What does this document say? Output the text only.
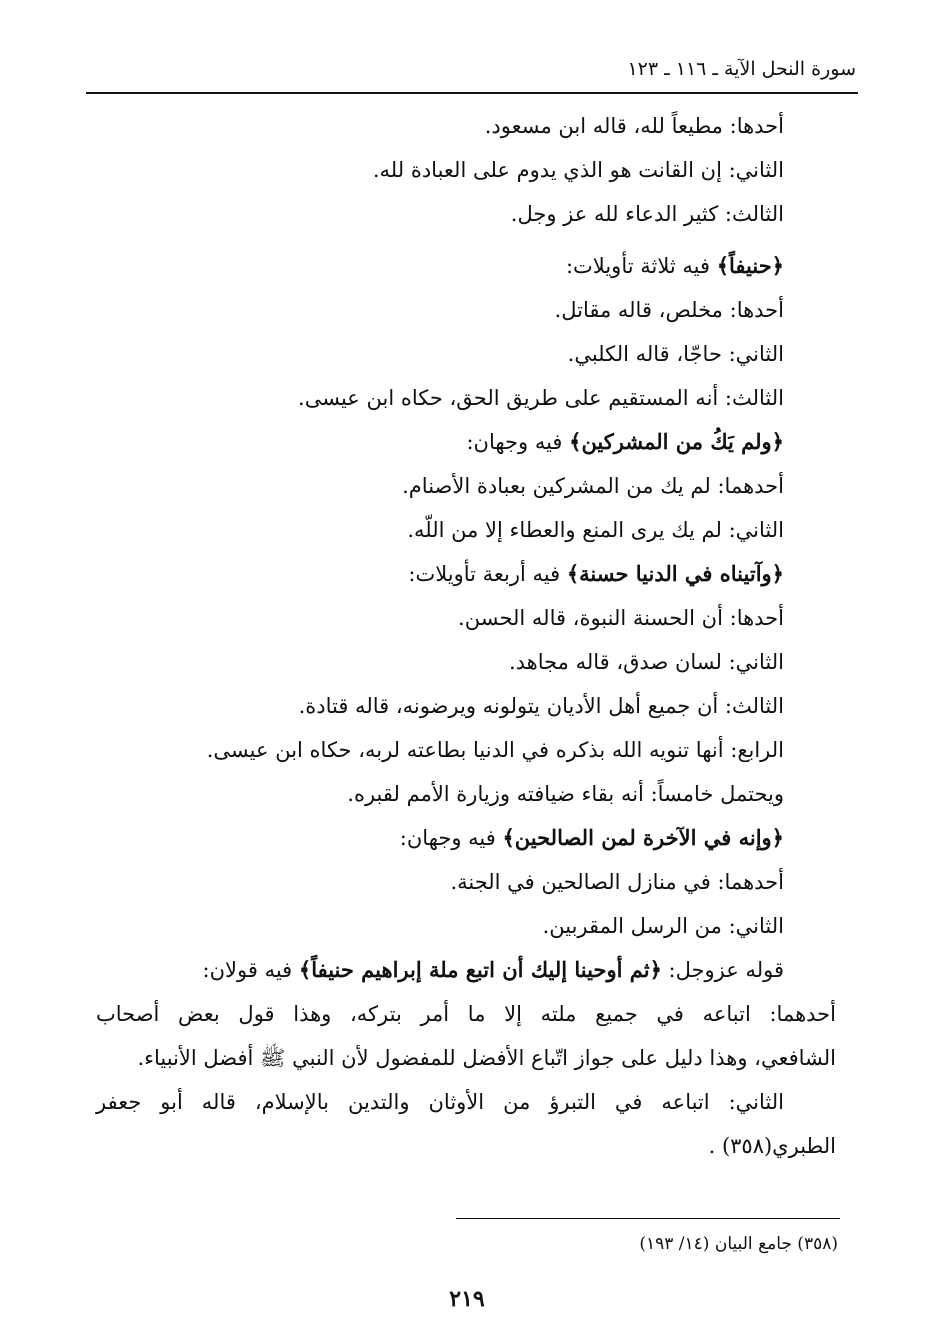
سورة النحل الآية ـ ١١٦ ـ ١٢٣
أحدها: مطيعاً لله، قاله ابن مسعود.
الثاني: إن القانت هو الذي يدوم على العبادة لله.
الثالث: كثير الدعاء لله عز وجل.
﴿حنيفاً﴾ فيه ثلاثة تأويلات:
أحدها: مخلص، قاله مقاتل.
الثاني: حاجّا، قاله الكلبي.
الثالث: أنه المستقيم على طريق الحق، حكاه ابن عيسى.
﴿ولم يَكُ من المشركين﴾ فيه وجهان:
أحدهما: لم يك من المشركين بعبادة الأصنام.
الثاني: لم يك يرى المنع والعطاء إلا من اللّه.
﴿وآتيناه في الدنيا حسنة﴾ فيه أربعة تأويلات:
أحدها: أن الحسنة النبوة، قاله الحسن.
الثاني: لسان صدق، قاله مجاهد.
الثالث: أن جميع أهل الأديان يتولونه ويرضونه، قاله قتادة.
الرابع: أنها تنويه الله بذكره في الدنيا بطاعته لربه، حكاه ابن عيسى.
ويحتمل خامساً: أنه بقاء ضيافته وزيارة الأمم لقبره.
﴿وإنه في الآخرة لمن الصالحين﴾ فيه وجهان:
أحدهما: في منازل الصالحين في الجنة.
الثاني: من الرسل المقربين.
قوله عزوجل: ﴿ثم أوحينا إليك أن اتبع ملة إبراهيم حنيفاً﴾ فيه قولان:
أحدهما: اتباعه في جميع ملته إلا ما أمر بتركه، وهذا قول بعض أصحاب
الشافعي، وهذا دليل على جواز اتّباع الأفضل للمفضول لأن النبي ﷺ أفضل الأنبياء.
الثاني: اتباعه في التبرؤ من الأوثان والتدين بالإسلام، قاله أبو جعفر
الطبري(٣٥٨) .
(٣٥٨) جامع البيان (١٤/ ١٩٣)
٢١٩
